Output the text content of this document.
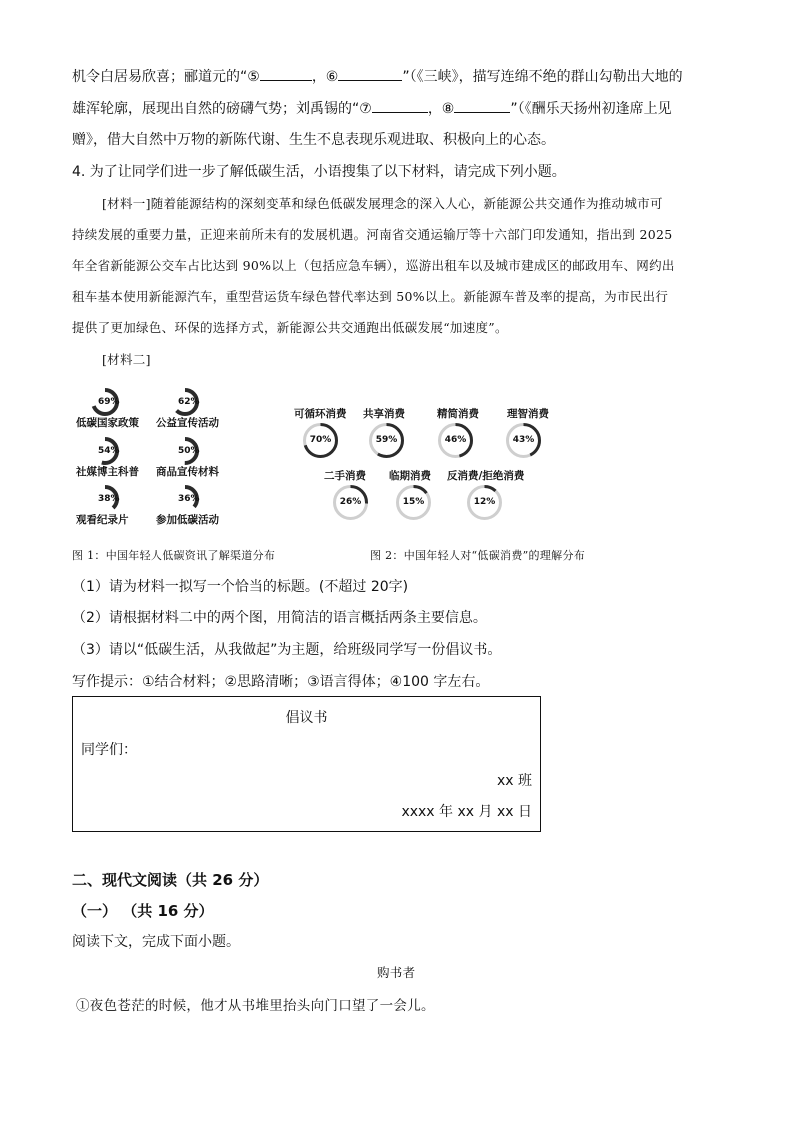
机令白居易欣喜；郦道元的“⑤	，⑥	”（《三峡》，描写连绵不绝的群山勾勒出大地的
雄浑轮廓，展现出自然的磅礴气势；刘禹锡的“⑦	，⑧	”（《酬乐天扬州初逢席上见
赠》，借大自然中万物的新陈代谢、生生不息表现乐观进取、积极向上的心态。
4. 为了让同学们进一步了解低碳生活，小语搜集了以下材料，请完成下列小题。
[材料一]随着能源结构的深刻变革和绿色低碳发展理念的深入人心，新能源公共交通作为推动城市可
持续发展的重要力量，正迎来前所未有的发展机遇。河南省交通运输厅等十六部门印发通知，指出到 2025
年全省新能源公交车占比达到 90%以上（包括应急车辆），巡游出租车以及城市建成区的邮政用车、网约出
租车基本使用新能源汽车，重型营运货车绿色替代率达到 50%以上。新能源车普及率的提高，为市民出行
提供了更加绿色、环保的选择方式，新能源公共交通跑出低碳发展“加速度”。
[材料二]
69%
低碳国家政策
62%
公益宣传活动
54%
社媒博主科普
50%
商品宣传材料
38%
观看纪录片
36%
参加低碳活动
70%
可循环消费
59%
共享消费
46%
精简消费
43%
理智消费
26%
二手消费
15%
临期消费
12%
反消费/拒绝消费
图 1：中国年轻人低碳资讯了解渠道分布	图 2：中国年轻人对“低碳消费”的理解分布
（1）请为材料一拟写一个恰当的标题。(不超过 20字)
（2）请根据材料二中的两个图，用简洁的语言概括两条主要信息。
（3）请以“低碳生活，从我做起”为主题，给班级同学写一份倡议书。
写作提示：①结合材料；②思路清晰；③语言得体；④100 字左右。
倡议书
同学们：
xx 班
xxxx 年 xx 月 xx 日
二、现代文阅读（共 26 分）
（一） （共 16 分）
阅读下文，完成下面小题。
购书者
①夜色苍茫的时候，他才从书堆里抬头向门口望了一会儿。
